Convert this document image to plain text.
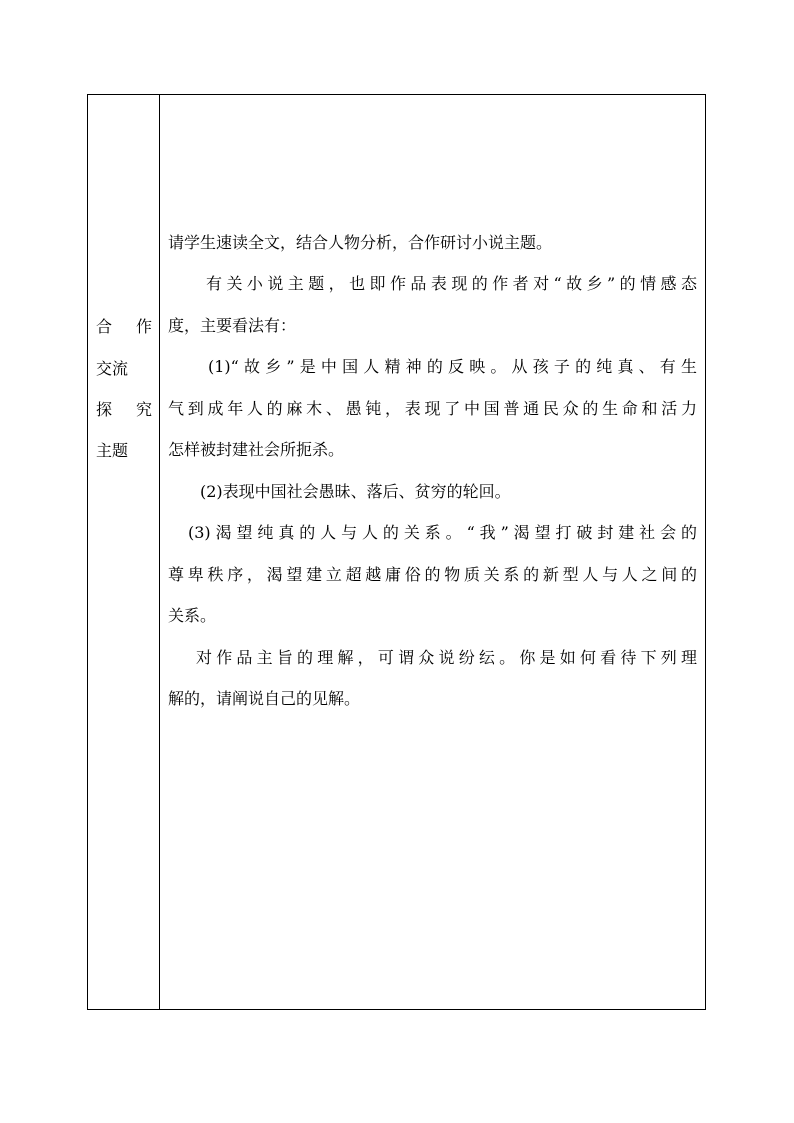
合 作
交流
探 究
主题
请学生速读全文，结合人物分析，合作研讨小说主题。
有关小说主题，也即作品表现的作者对“故乡”的情感态
度，主要看法有：
(1)“故乡”是中国人精神的反映。从孩子的纯真、有生
气到成年人的麻木、愚钝，表现了中国普通民众的生命和活力
怎样被封建社会所扼杀。
(2)表现中国社会愚昧、落后、贫穷的轮回。
(3)渴望纯真的人与人的关系。“我”渴望打破封建社会的
尊卑秩序，渴望建立超越庸俗的物质关系的新型人与人之间的
关系。
对作品主旨的理解，可谓众说纷纭。你是如何看待下列理
解的，请阐说自己的见解。
